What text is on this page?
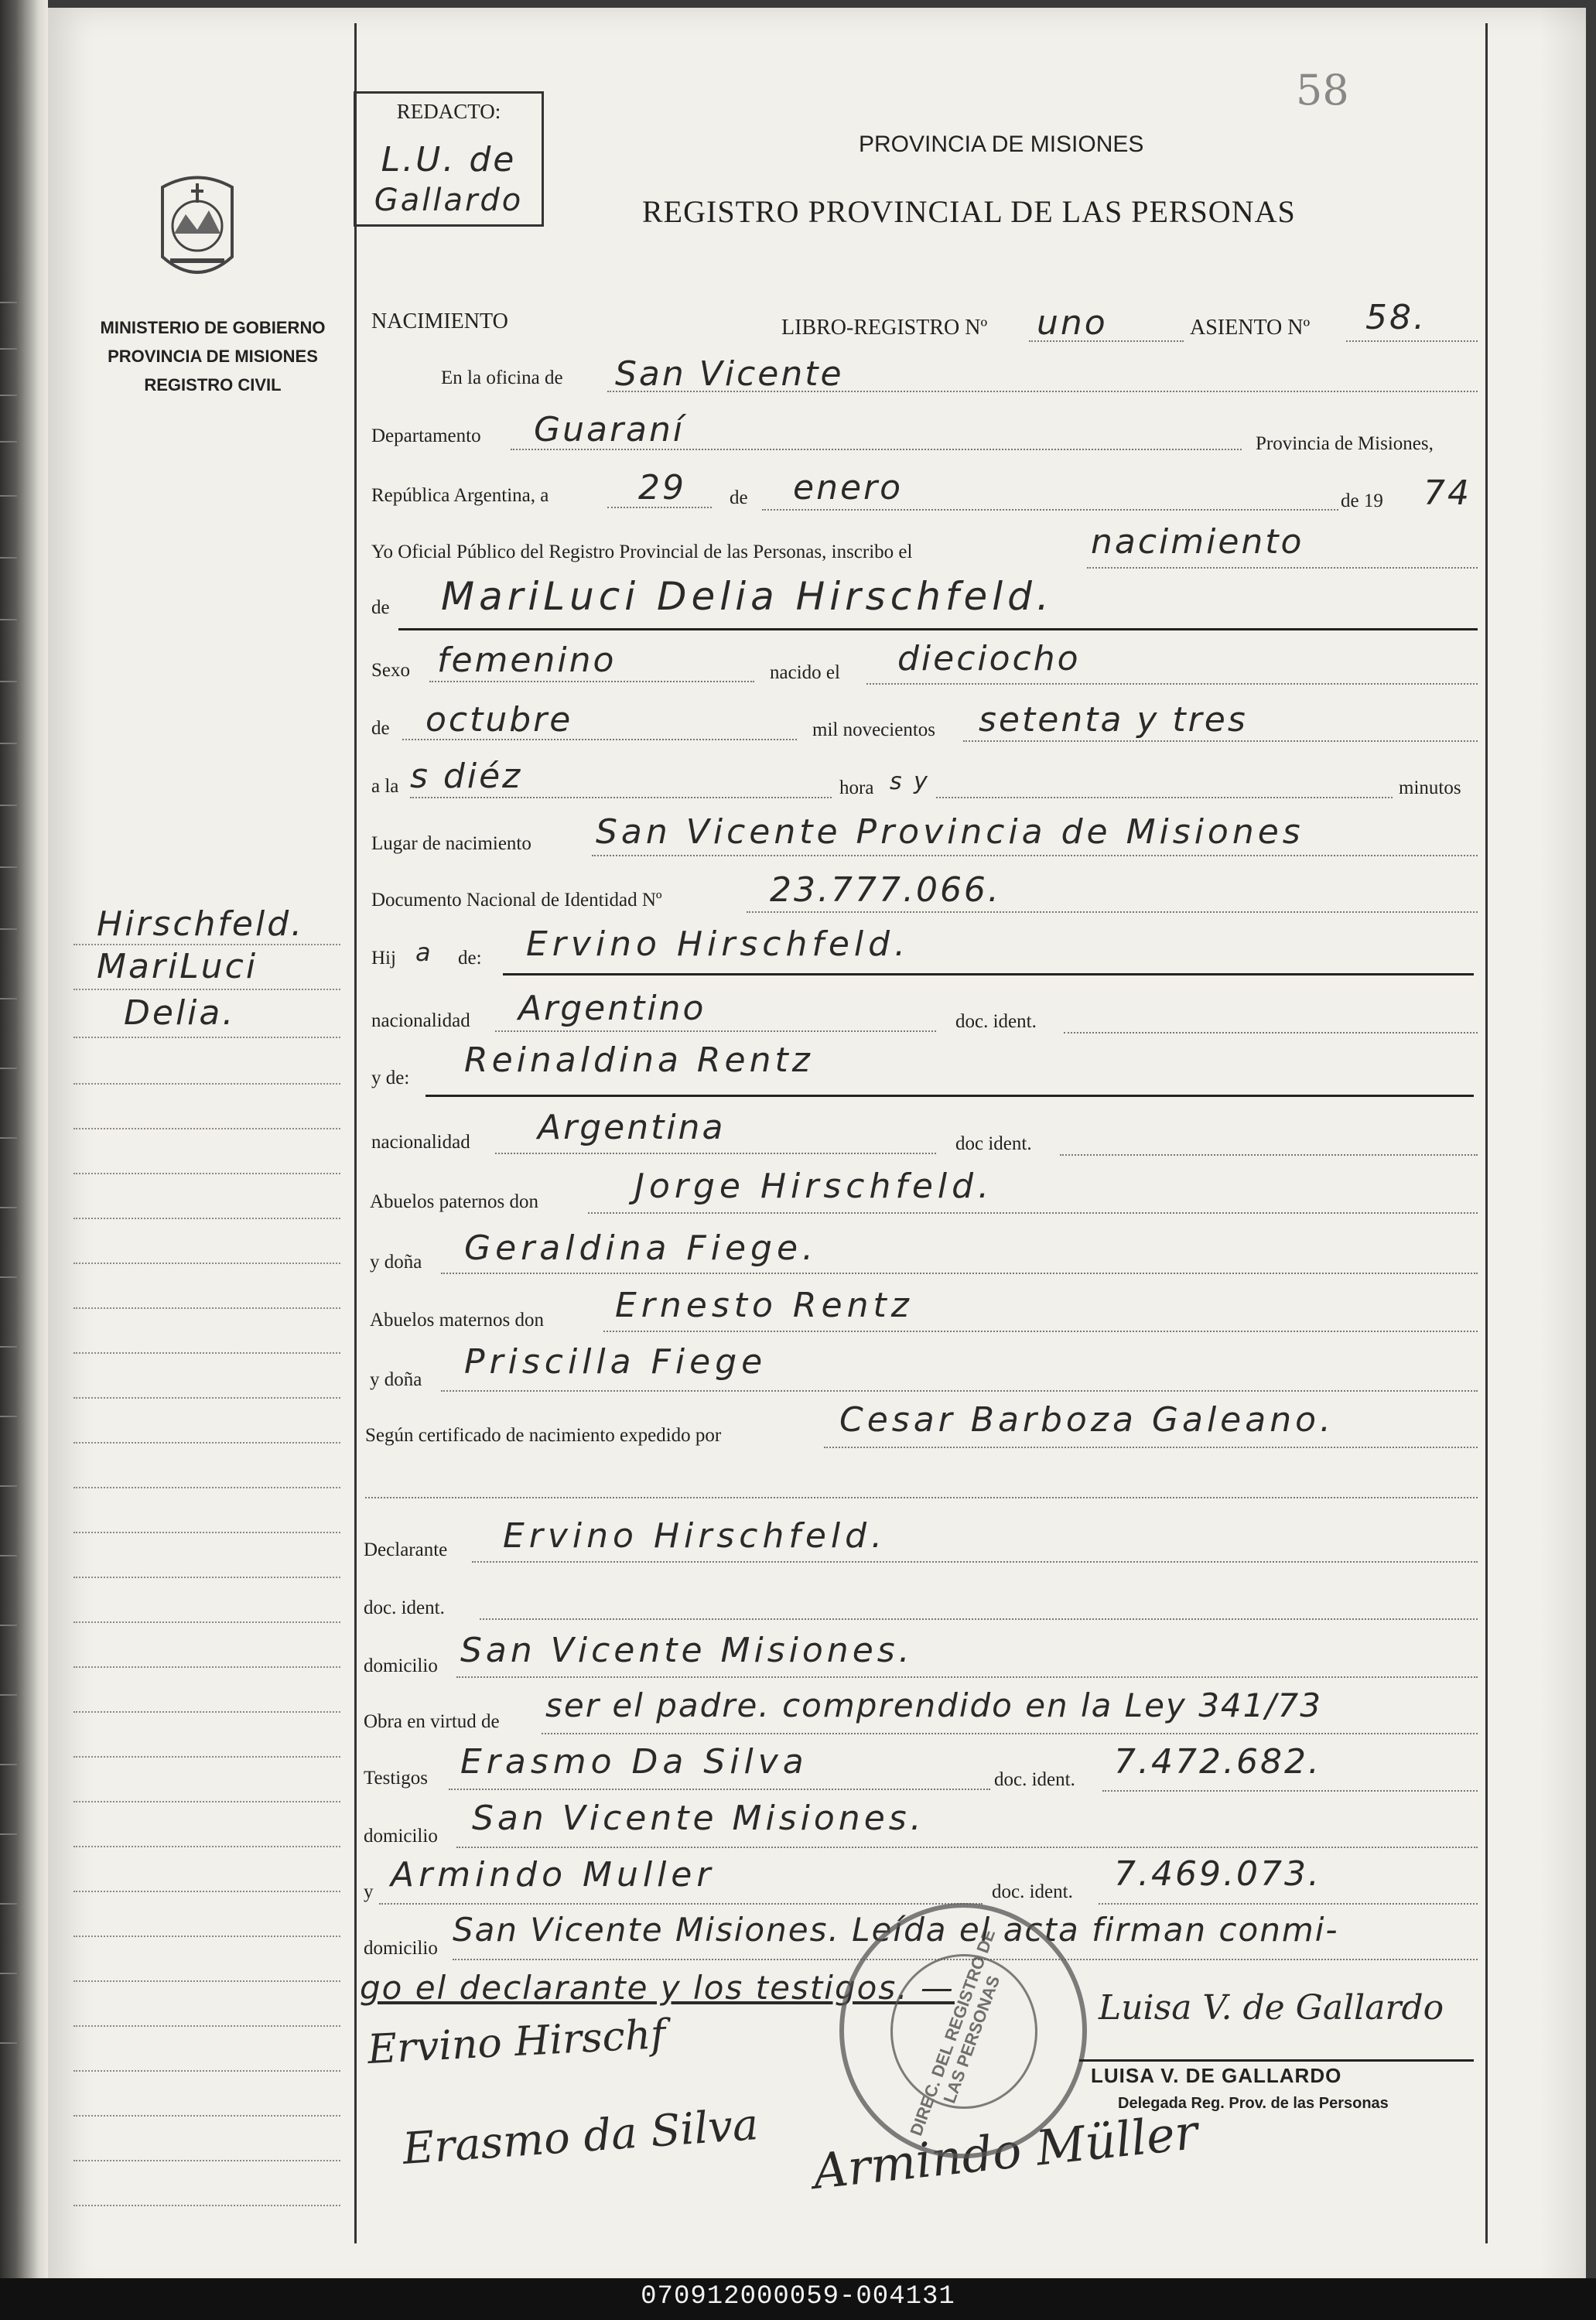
MINISTERIO DE GOBIERNO
PROVINCIA DE MISIONES
REGISTRO CIVIL
Hirschfeld.
MariLuci
Delia.
REDACTO:
L.U. de
Gallardo
58
PROVINCIA DE MISIONES
REGISTRO PROVINCIAL DE LAS PERSONAS
NACIMIENTO	LIBRO-REGISTRO Nº uno	ASIENTO Nº 58.
En la oficina de San Vicente
Departamento Guaraní	Provincia de Misiones,
República Argentina, a	29 de enero	de 19 74
Yo Oficial Público del Registro Provincial de las Personas, inscribo el	nacimiento
de MariLuci Delia Hirschfeld.
Sexo femenino	nacido el dieciocho
de octubre	mil novecientos setenta y tres
a la s diéz	hora s y	minutos
Lugar de nacimiento San Vicente Provincia de Misiones
Documento Nacional de Identidad Nº	23.777.066.
Hij a de: Ervino Hirschfeld.
nacionalidad Argentino	doc. ident.
y de: Reinaldina Rentz
nacionalidad Argentina	doc ident.
Abuelos paternos don	Jorge Hirschfeld.
y doña Geraldina Fiege.
Abuelos maternos don Ernesto Rentz
y doña Priscilla Fiege
Según certificado de nacimiento expedido por	Cesar Barboza Galeano.
Declarante Ervino Hirschfeld.
doc. ident.
domicilio San Vicente Misiones.
Obra en virtud de ser el padre. comprendido en la Ley 341/73
Testigos Erasmo Da Silva	doc. ident. 7.472.682.
domicilio San Vicente Misiones.
y Armindo Muller	doc. ident. 7.469.073.
domicilio San Vicente Misiones. Leída el acta firman conmi-
go el declarante y los testigos. —
Ervino Hirschf
Erasmo da Silva Armindo Müller
DIREC. DEL REGISTRO DE LAS PERSONAS	Luisa V. de Gallardo
LUISA V. DE GALLARDO
Delegada Reg. Prov. de las Personas
070912000059-004131
